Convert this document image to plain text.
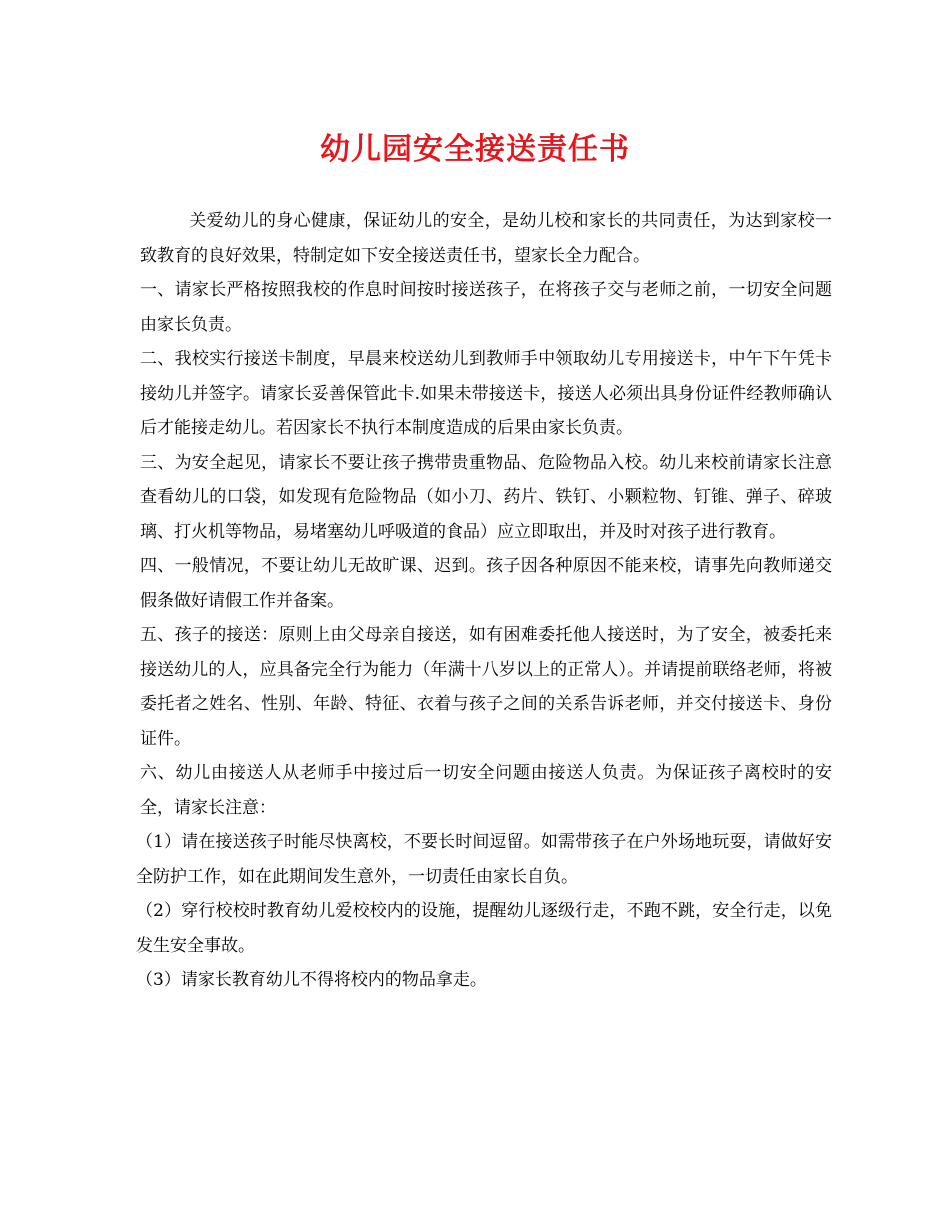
幼儿园安全接送责任书

关爱幼儿的身心健康，保证幼儿的安全，是幼儿校和家长的共同责任，为达到家校一致教育的良好效果，特制定如下安全接送责任书，望家长全力配合。

一、请家长严格按照我校的作息时间按时接送孩子，在将孩子交与老师之前，一切安全问题由家长负责。

二、我校实行接送卡制度，早晨来校送幼儿到教师手中领取幼儿专用接送卡，中午下午凭卡接幼儿并签字。请家长妥善保管此卡.如果未带接送卡，接送人必须出具身份证件经教师确认后才能接走幼儿。若因家长不执行本制度造成的后果由家长负责。

三、为安全起见，请家长不要让孩子携带贵重物品、危险物品入校。幼儿来校前请家长注意查看幼儿的口袋，如发现有危险物品（如小刀、药片、铁钉、小颗粒物、钉锥、弹子、碎玻璃、打火机等物品，易堵塞幼儿呼吸道的食品）应立即取出，并及时对孩子进行教育。

四、一般情况，不要让幼儿无故旷课、迟到。孩子因各种原因不能来校，请事先向教师递交假条做好请假工作并备案。

五、孩子的接送：原则上由父母亲自接送，如有困难委托他人接送时，为了安全，被委托来接送幼儿的人，应具备完全行为能力（年满十八岁以上的正常人）。并请提前联络老师，将被委托者之姓名、性别、年龄、特征、衣着与孩子之间的关系告诉老师，并交付接送卡、身份证件。

六、幼儿由接送人从老师手中接过后一切安全问题由接送人负责。为保证孩子离校时的安全，请家长注意：

（1）请在接送孩子时能尽快离校，不要长时间逗留。如需带孩子在户外场地玩耍，请做好安全防护工作，如在此期间发生意外，一切责任由家长自负。

（2）穿行校校时教育幼儿爱校校内的设施，提醒幼儿逐级行走，不跑不跳，安全行走，以免发生安全事故。

（3）请家长教育幼儿不得将校内的物品拿走。
